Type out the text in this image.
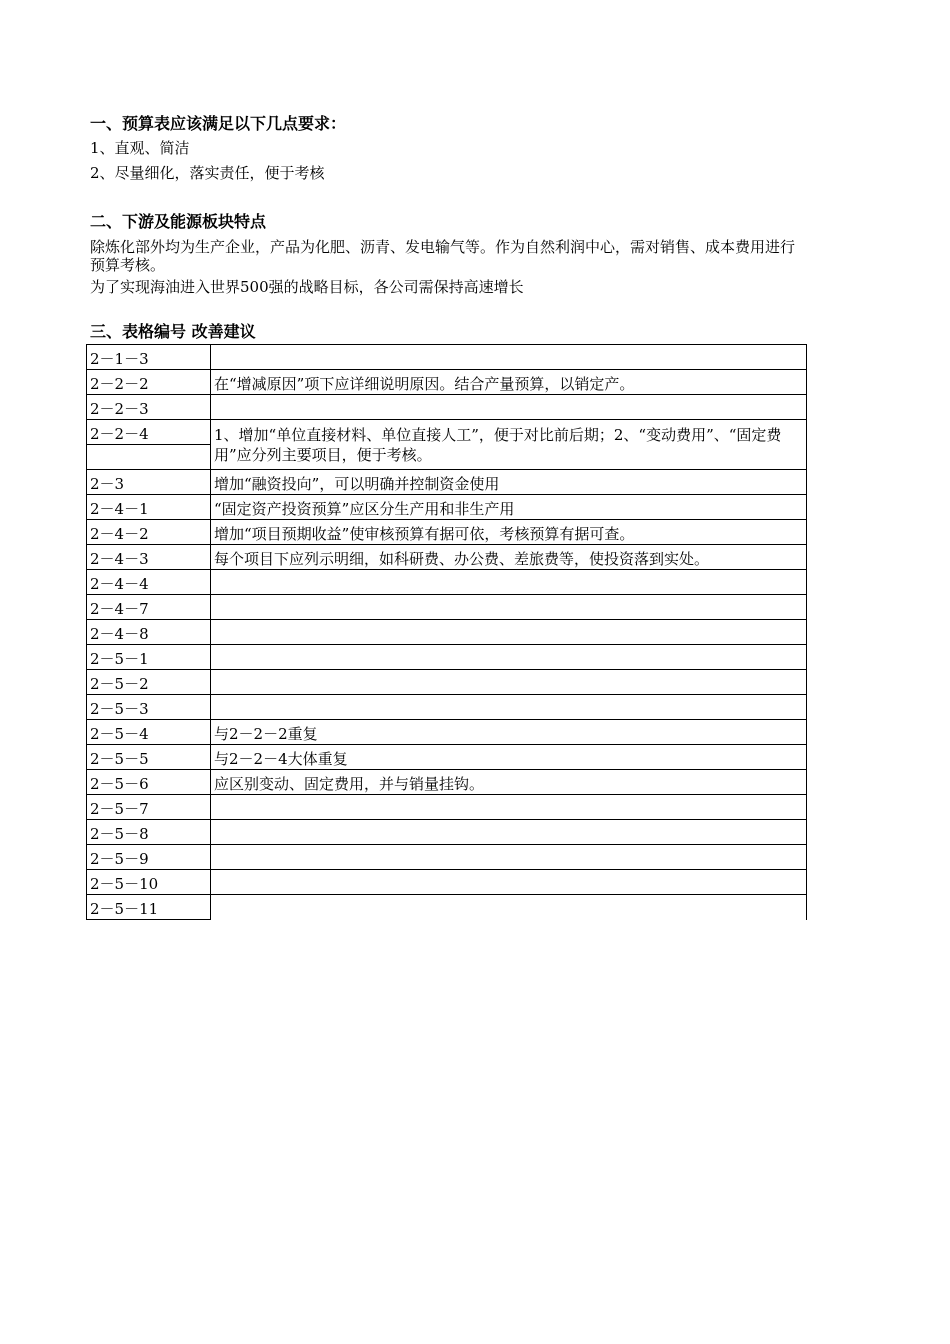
一、预算表应该满足以下几点要求：
1、直观、简洁
2、尽量细化，落实责任，便于考核
二、下游及能源板块特点
除炼化部外均为生产企业，产品为化肥、沥青、发电输气等。作为自然利润中心，需对销售、成本费用进行预算考核。
为了实现海油进入世界500强的战略目标，各公司需保持高速增长
三、表格编号 改善建议
2－1－3	
2－2－2	在“增减原因”项下应详细说明原因。结合产量预算，以销定产。
2－2－3	
2－2－4	1、增加“单位直接材料、单位直接人工”，便于对比前后期；2、“变动费用”、“固定费用”应分列主要项目，便于考核。

2－3	增加“融资投向”，可以明确并控制资金使用
2－4－1	“固定资产投资预算”应区分生产用和非生产用
2－4－2	增加“项目预期收益”使审核预算有据可依，考核预算有据可查。
2－4－3	每个项目下应列示明细，如科研费、办公费、差旅费等，使投资落到实处。
2－4－4	
2－4－7	
2－4－8	
2－5－1	
2－5－2	
2－5－3	
2－5－4	与2－2－2重复
2－5－5	与2－2－4大体重复
2－5－6	应区别变动、固定费用，并与销量挂钩。
2－5－7	
2－5－8	
2－5－9	
2－5－10	
2－5－11	
